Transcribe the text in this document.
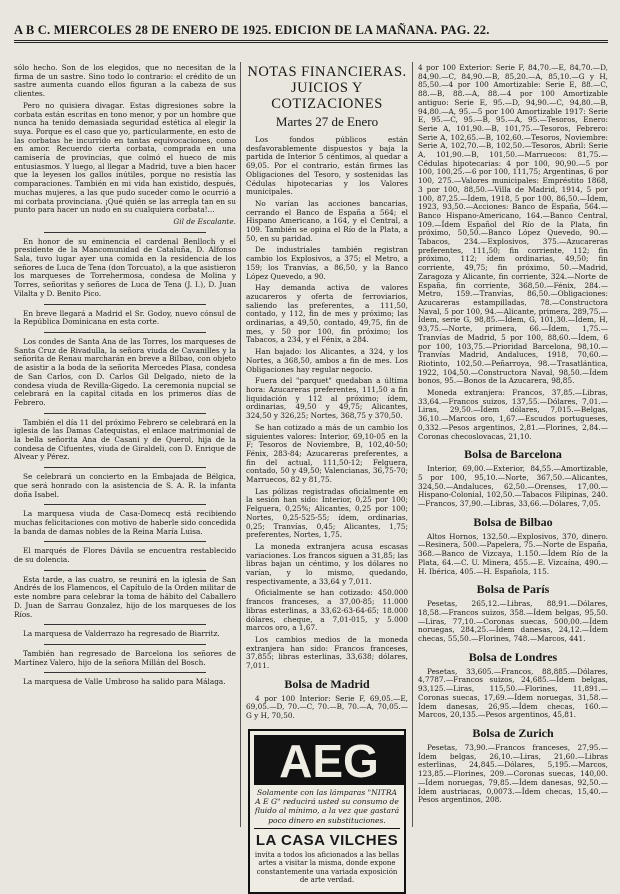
A B C. MIERCOLES 28 DE ENERO DE 1925. EDICION DE LA MAÑANA. PAG. 22.

sólo hecho. Son de los elegidos, que no necesitan de la firma de un sastre. Sino todo lo contrario: el crédito de un sastre aumenta cuando ellos figuran a la cabeza de sus clientes.

Pero no quisiera divagar. Estas digresiones sobre la corbata están escritas en tono menor, y por un hombre que nunca ha tenido demasiada seguridad estética al elegir la suya. Porque es el caso que yo, particularmente, en esto de las corbatas he incurrido en tantas equivocaciones, como en amor. Recuerdo cierta corbata, comprada en una camisería de provincias, que colmó el hueco de mis entusiasmos. Y luego, al llegar a Madrid, tuve a bien hacer que la leyesen los gallos inútiles, porque no resistía las comparaciones. También en mi vida han existido, después, muchas mujeres, a las que pudo suceder como le ocurrió a mi corbata provinciana. ¡Qué quién se las arregla tan en su punto para hacer un nudo en su cualquiera corbata!...

Gil de Escalante.

En honor de su eminencia el cardenal Benlloch y el presidente de la Mancomunidad de Cataluña, D. Alfonso Sala, tuvo lugar ayer una comida en la residencia de los señores de Luca de Tena (don Torcuato), a la que asistieron los marqueses de Torrehermosa, condesa de Molina y Torres, señoritas y señores de Luca de Tena (J. I.), D. Juan Vilalta y D. Benito Pico.

En breve llegará a Madrid el Sr. Godoy, nuevo cónsul de la República Dominicana en esta corte.

Los condes de Santa Ana de las Torres, los marqueses de Santa Cruz de Rivadulla, la señora viuda de Cavanilles y la señorita de Renau marcharán en breve a Bilbao, con objeto de asistir a la boda de la señorita Mercedes Plasa, condesa de San Carlos, con D. Carlos Gil Delgado, nieto de la condesa viuda de Revilla-Gigedo. La ceremonia nupcial se celebrará en la capital citada en los primeros días de Febrero.

También el día 11 del próximo Febrero se celebrará en la iglesia de las Damas Catequistas, el enlace matrimonial de la bella señorita Ana de Casani y de Querol, hija de la condesa de Cifuentes, viuda de Giraldeli, con D. Enrique de Alvear y Pérez.

Se celebrará un concierto en la Embajada de Bélgica, que será honrado con la asistencia de S. A. R. la infanta doña Isabel.

La marquesa viuda de Casa-Domecq está recibiendo muchas felicitaciones con motivo de haberle sido concedida la banda de damas nobles de la Reina María Luisa.

El marqués de Flores Dávila se encuentra restablecido de su dolencia.

Esta tarde, a las cuatro, se reunirá en la iglesia de San Andrés de los Flamencos, el Capítulo de la Orden militar de este nombre para celebrar la toma de hábito del Caballero D. Juan de Sarrau Gonzalez, hijo de los marqueses de los Ríos.

La marquesa de Valderrazo ha regresado de Biarritz.

También han regresado de Barcelona los señores de Martínez Valero, hijo de la señora Millán del Bosch.

La marquesa de Valle Umbroso ha salido para Málaga.

NOTAS FINANCIERAS. JUICIOS Y COTIZACIONES
Martes 27 de Enero

Los fondos públicos están desfavorablemente dispuestos y baja la partida de Interior 5 céntimos, al quedar a 69,05. Por el contrario, están firmes las Obligaciones del Tesoro, y sostenidas las Cédulas hipotecarias y los Valores municipales.

No varían las acciones bancarias, cerrando el Banco de España a 564; el Hispano Americano, a 164, y el Central, a 109. También se opina el Río de la Plata, a 50, en su paridad.

De industriales también registran cambio los Explosivos, a 375; el Metro, a 159; los Tranvías, a 86,50, y la Banco López Quevedo, a 90.

Hay demanda activa de valores azucareros y oferta de ferroviarios, saliendo las preferentes, a 111,50, contado, y 112, fin de mes y próximo; las ordinarias, a 49,50, contado, 49,75, fin de mes, y 50 por 100, fin próximo; los Tabacos, a 234, y el Fénix, a 284.

Han bajado: los Alicantes, a 324, y los Nortes, a 368,50, ambos a fin de mes. Los Obligaciones hay regular negocio.

Fuera del "parquet" quedaban a última hora: Azucareras preferentes, 111,50 a fin liquidación y 112 al próximo; ídem, ordinarias, 49,50 y 49,75; Alicantes, 324,50 y 326,25; Nortes, 368,75 y 370,50.

Se han cotizado a más de un cambio los siguientes valores: Interior, 69,10-05 en la F; Tesoros de Noviembre, B, 102,40-50; Fénix, 283-84; Azucareras preferentes, a fin del actual, 111,50-12; Felguera, contado, 50 y 49,50; Valencianas, 36,75-70; Marruecos, 82 y 81,75.

Las pólizas registradas oficialmente en la sesión han sido: Interior, 0,25 por 100; Felguera, 0,25%; Alicantes, 0,25 por 100; Nortes, 0,25-525-55; ídem, ordinarias, 0,25; Tranvías, 0,45; Alicantes, 1,75; preferentes, Nortes, 1,75.

La moneda extranjera acusa escasas variaciones. Los francos siguen a 31,85; las libras bajan un céntimo, y los dólares no varían, y lo mismo, quedando, respectivamente, a 33,64 y 7,011.

Oficialmente se han cotizado: 450.000 francos franceses, a 37,00-85; 11.000 libras esterlinas, a 33,62-63-64-65; 18.000 dólares, cheque, a 7,01-015, y 5.000 marcos oro, a 1,67.

Los cambios medios de la moneda extranjera han sido: Francos franceses, 37,855; libras esterlinas, 33,638; dólares, 7,011.

Bolsa de Madrid

4 por 100 Interior: Serie F, 69,05.—E, 69,05.—D, 70.—C, 70.—B, 70.—A, 70,05.—G y H, 70,50.

AEG

Solamente con las lámparas "NITRA A E G" reducirá usted su consumo de fluido al mínimo, a la vez que gastará poco dinero en substituciones.

LA CASA VILCHES

invita a todos los aficionados a las bellas artes a visitar la misma, donde expone constantemente una variada exposición de arte verdad.

4 por 100 Exterior: Serie F, 84,70.—E, 84,70.—D, 84,90.—C, 84,90.—B, 85,20.—A, 85,10.—G y H, 85,50.—4 por 100 Amortizable: Serie E, 88.—C, 88.—B, 88.—A, 88.—4 por 100 Amortizable antiguo: Serie E, 95.—D, 94,90.—C, 94,80.—B, 94,80.—A, 95.—5 por 100 Amortizable 1917: Serie E, 95.—C, 95.—B, 95.—A, 95.—Tesoros, Enero: Serie A, 101,90.—B, 101,75.—Tesoros, Febrero: Serie A, 102,65.—B, 102,60.—Tesoros, Noviembre: Serie A, 102,70.—B, 102,50.—Tesoros, Abril: Serie A, 101,90.—B, 101,50.—Marruecos: 81,75.—Cédulas hipotecarias: 4 por 100, 90,90.—5 por 100, 100,25.—6 por 100, 111,75; Argentinas, 6 por 100, 275.—Valores municipales: Empréstito 1868, 3 por 100, 88,50.—Villa de Madrid, 1914, 5 por 100, 87,25.—Ídem, 1918, 5 por 100, 86,50.—Ídem, 1923, 93,50.—Acciones: Banco de España, 564.—Banco Hispano-Americano, 164.—Banco Central, 109.—Ídem Español del Río de la Plata, fin próximo, 50,50.—Banco López Quevedo, 90.—Tabacos, 234.—Explosivos, 375.—Azucareras preferentes, 111,50; fin corriente, 112; fin próximo, 112; ídem ordinarias, 49,50; fin corriente, 49,75; fin próximo, 50.—Madrid, Zaragoza y Alicante, fin corriente, 324.—Norte de España, fin corriente, 368,50.—Fénix, 284.—Metro, 159.—Tranvías, 86,50.—Obligaciones: Azucareras estampilladas, 78.—Constructora Naval, 5 por 100, 94.—Alicante, primera, 289,75.—Ídem, serie G, 98,85.—Ídem, G, 101,30.—Ídem, H, 93,75.—Norte, primera, 66.—Ídem, 1,75.—Tranvías de Madrid, 5 por 100, 88,60.—Ídem, 6 por 100, 103,75.—Prioridad Barcelona, 98,10.—Tranvías Madrid, Andaluces, 1918, 70,60.—Riotinto, 102,50.—Peñarroya, 98.—Trasatlántica, 1922, 104,50.—Constructora Naval, 98,50.—Ídem bonos, 95.—Bonos de la Azucarera, 98,85.

Moneda extranjera: Francos, 37,85.—Libras, 33,64.—Francos suizos, 137,55.—Dólares, 7,01.—Liras, 29,50.—Ídem dólares, 7,015.—Belgas, 36,10.—Marcos oro, 1,67.—Escudos portugueses, 0,332.—Pesos argentinos, 2,81.—Florines, 2,84.—Coronas checoslovacas, 21,10.

Bolsa de Barcelona

Interior, 69,00.—Exterior, 84,55.—Amortizable, 5 por 100, 95,10.—Norte, 367,50.—Alicantes, 324,50.—Andaluces, 62,50.—Orenses, 17,00.—Hispano-Colonial, 102,50.—Tabacos Filipinas, 240.—Francos, 37,90.—Libras, 33,66.—Dólares, 7,05.

Bolsa de Bilbao

Altos Hornos, 132,50.—Explosivos, 370, dinero.—Resinera, 500.—Papelera, 75.—Norte de España, 368.—Banco de Vizcaya, 1.150.—Ídem Río de la Plata, 64.—C. U. Minera, 455.—E. Vizcaína, 490.—H. Ibérica, 405.—H. Española, 115.

Bolsa de París

Pesetas, 265,12.—Libras, 88,91.—Dólares, 18,58.—Francos suizos, 358.—Ídem belgas, 95,50.—Liras, 77,10.—Coronas suecas, 500,00.—Ídem noruegas, 284,25.—Ídem danesas, 24,12.—Ídem checas, 55,50.—Florines, 748.—Marcos, 441.

Bolsa de Londres

Pesetas, 33,605.—Francos, 88,885.—Dólares, 4,7787.—Francos suizos, 24,685.—Ídem belgas, 93,125.—Liras, 115,50.—Florines, 11,891.—Coronas suecas, 17,69.—Ídem noruegas, 31,58.—Ídem danesas, 26,95.—Ídem checas, 160.—Marcos, 20,135.—Pesos argentinos, 45,81.

Bolsa de Zurich

Pesetas, 73,90.—Francos franceses, 27,95.—Ídem belgas, 26,10.—Liras, 21,60.—Libras esterlinas, 24,845.—Dólares, 5,195.—Marcos, 123,85.—Florines, 209.—Coronas suecas, 140,00.—Ídem noruegas, 79,85.—Ídem danesas, 92,50.—Ídem austriacas, 0,0073.—Ídem checas, 15,40.—Pesos argentinos, 208.
